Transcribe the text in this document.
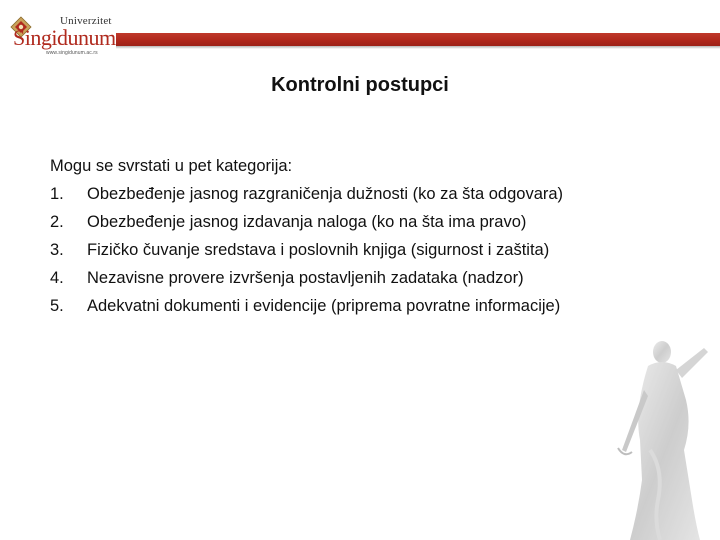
Univerzitet
Singidunum
www.singidunum.ac.rs
Kontrolni postupci
Mogu se svrstati u pet kategorija:
1.	Obezbeđenje jasnog razgraničenja dužnosti (ko za šta odgovara)
2.	Obezbeđenje jasnog izdavanja naloga (ko na šta ima pravo)
3.	Fizičko čuvanje sredstava i poslovnih knjiga (sigurnost i zaštita)
4.	Nezavisne provere izvršenja postavljenih zadataka (nadzor)
5.	Adekvatni dokumenti i evidencije (priprema povratne informacije)
